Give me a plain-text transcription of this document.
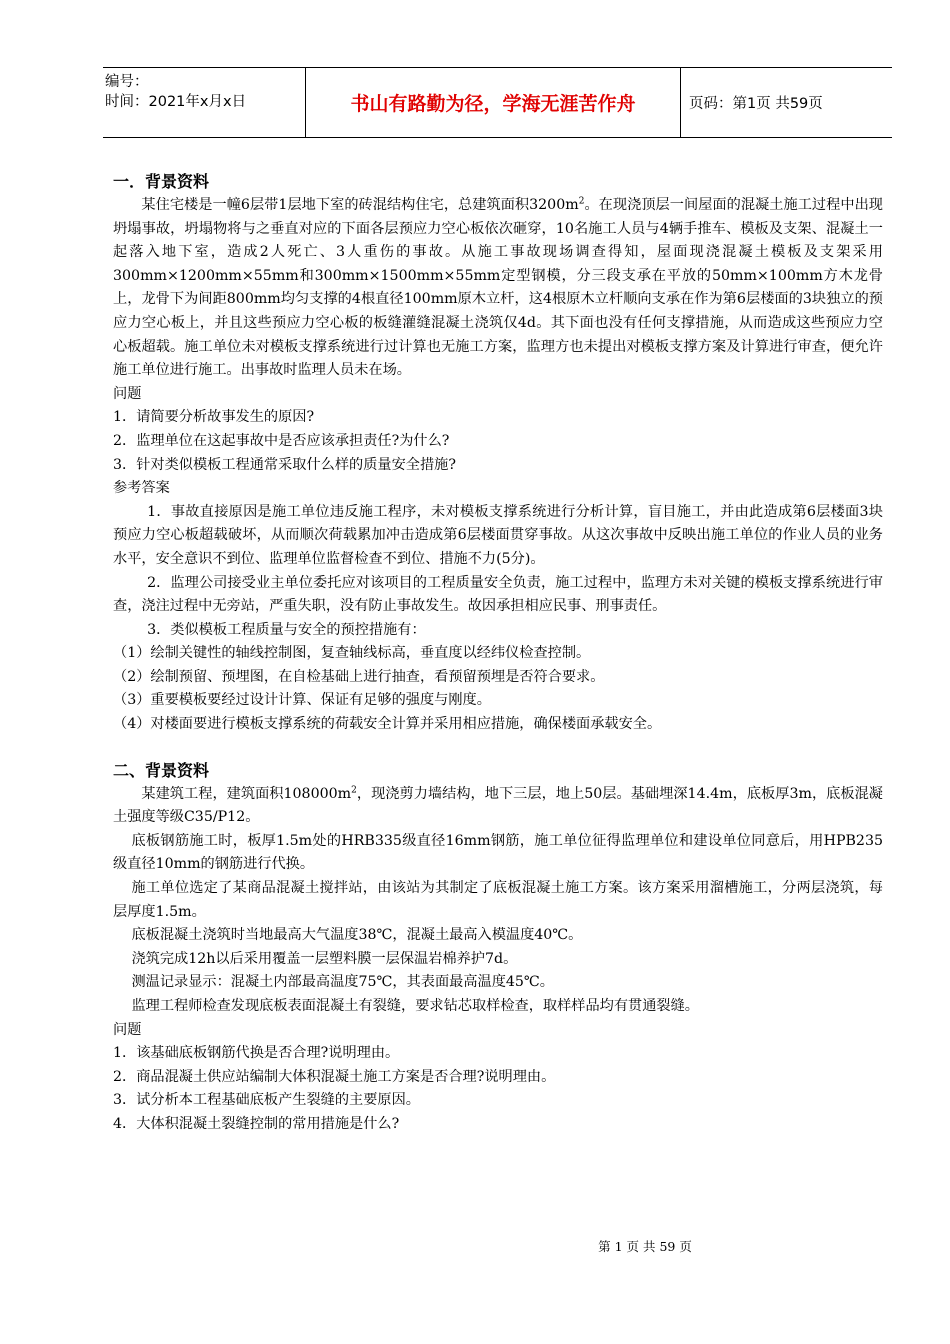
编号：
时间：2021年x月x日	书山有路勤为径，学海无涯苦作舟	页码：第1页 共59页

一．背景资料

某住宅楼是一幢6层带1层地下室的砖混结构住宅，总建筑面积$3200m^2$。在现浇顶层一间屋面的混凝土施工过程中出现坍塌事故，坍塌物将与之垂直对应的下面各层预应力空心板依次砸穿，10名施工人员与4辆手推车、模板及支架、混凝土一起落入地下室，造成2人死亡、3人重伤的事故。从施工事故现场调查得知，屋面现浇混凝土模板及支架采用300mm×1200mm×55mm和300mm×1500mm×55mm定型钢模，分三段支承在平放的50mm×100mm方木龙骨上，龙骨下为间距800mm均匀支撑的4根直径100mm原木立杆，这4根原木立杆顺向支承在作为第6层楼面的3块独立的预应力空心板上，并且这些预应力空心板的板缝灌缝混凝土浇筑仅4d。其下面也没有任何支撑措施，从而造成这些预应力空心板超载。施工单位未对模板支撑系统进行过计算也无施工方案，监理方也未提出对模板支撑方案及计算进行审查，便允许施工单位进行施工。出事故时监理人员未在场。

问题

1．请简要分析故事发生的原因?

2．监理单位在这起事故中是否应该承担责任?为什么?

3．针对类似模板工程通常采取什么样的质量安全措施?

参考答案

1．事故直接原因是施工单位违反施工程序，未对模板支撑系统进行分析计算，盲目施工，并由此造成第6层楼面3块预应力空心板超载破坏，从而顺次荷载累加冲击造成第6层楼面贯穿事故。从这次事故中反映出施工单位的作业人员的业务水平，安全意识不到位、监理单位监督检查不到位、措施不力(5分)。

2．监理公司接受业主单位委托应对该项目的工程质量安全负责，施工过程中，监理方未对关键的模板支撑系统进行审查，浇注过程中无旁站，严重失职，没有防止事故发生。故因承担相应民事、刑事责任。

3．类似模板工程质量与安全的预控措施有：

（1）绘制关键性的轴线控制图，复查轴线标高，垂直度以经纬仪检查控制。

（2）绘制预留、预埋图，在自检基础上进行抽查，看预留预埋是否符合要求。

（3）重要模板要经过设计计算、保证有足够的强度与刚度。

（4）对楼面要进行模板支撑系统的荷载安全计算并采用相应措施，确保楼面承载安全。

二、背景资料

某建筑工程，建筑面积$108000m^2$，现浇剪力墙结构，地下三层，地上50层。基础埋深14.4m，底板厚3m，底板混凝土强度等级C35/P12。

底板钢筋施工时，板厚1.5m处的HRB335级直径16mm钢筋，施工单位征得监理单位和建设单位同意后，用HPB235级直径10mm的钢筋进行代换。

施工单位选定了某商品混凝土搅拌站，由该站为其制定了底板混凝土施工方案。该方案采用溜槽施工，分两层浇筑，每层厚度1.5m。

底板混凝土浇筑时当地最高大气温度38℃，混凝土最高入模温度40℃。

浇筑完成12h以后采用覆盖一层塑料膜一层保温岩棉养护7d。

测温记录显示：混凝土内部最高温度75℃，其表面最高温度45℃。

监理工程师检查发现底板表面混凝土有裂缝，要求钻芯取样检查，取样样品均有贯通裂缝。

问题

1．该基础底板钢筋代换是否合理?说明理由。

2．商品混凝土供应站编制大体积混凝土施工方案是否合理?说明理由。

3．试分析本工程基础底板产生裂缝的主要原因。

4．大体积混凝土裂缝控制的常用措施是什么?

第 1 页 共 59 页
